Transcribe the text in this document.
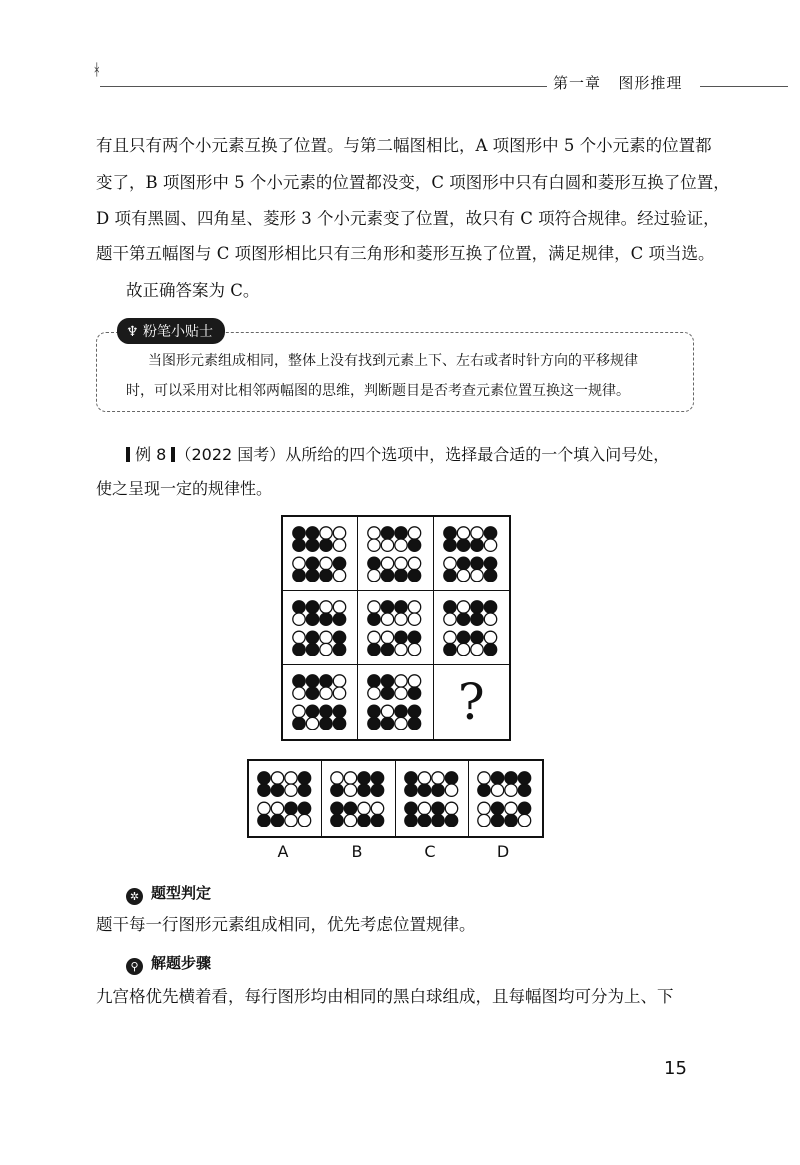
ᚼ
第一章 图形推理
有且只有两个小元素互换了位置。与第二幅图相比，A 项图形中 5 个小元素的位置都
变了，B 项图形中 5 个小元素的位置都没变，C 项图形中只有白圆和菱形互换了位置，
D 项有黑圆、四角星、菱形 3 个小元素变了位置，故只有 C 项符合规律。经过验证，
题干第五幅图与 C 项图形相比只有三角形和菱形互换了位置，满足规律，C 项当选。
故正确答案为 C。
♆ 粉笔小贴士
当图形元素组成相同，整体上没有找到元素上下、左右或者时针方向的平移规律
时，可以采用对比相邻两幅图的思维，判断题目是否考查元素位置互换这一规律。
例 8 （2022 国考）从所给的四个选项中，选择最合适的一个填入问号处，
使之呈现一定的规律性。
?
A	B	C	D
✲ 题型判定
题干每一行图形元素组成相同，优先考虑位置规律。
⚲ 解题步骤
九宫格优先横着看，每行图形均由相同的黑白球组成，且每幅图均可分为上、下
15
